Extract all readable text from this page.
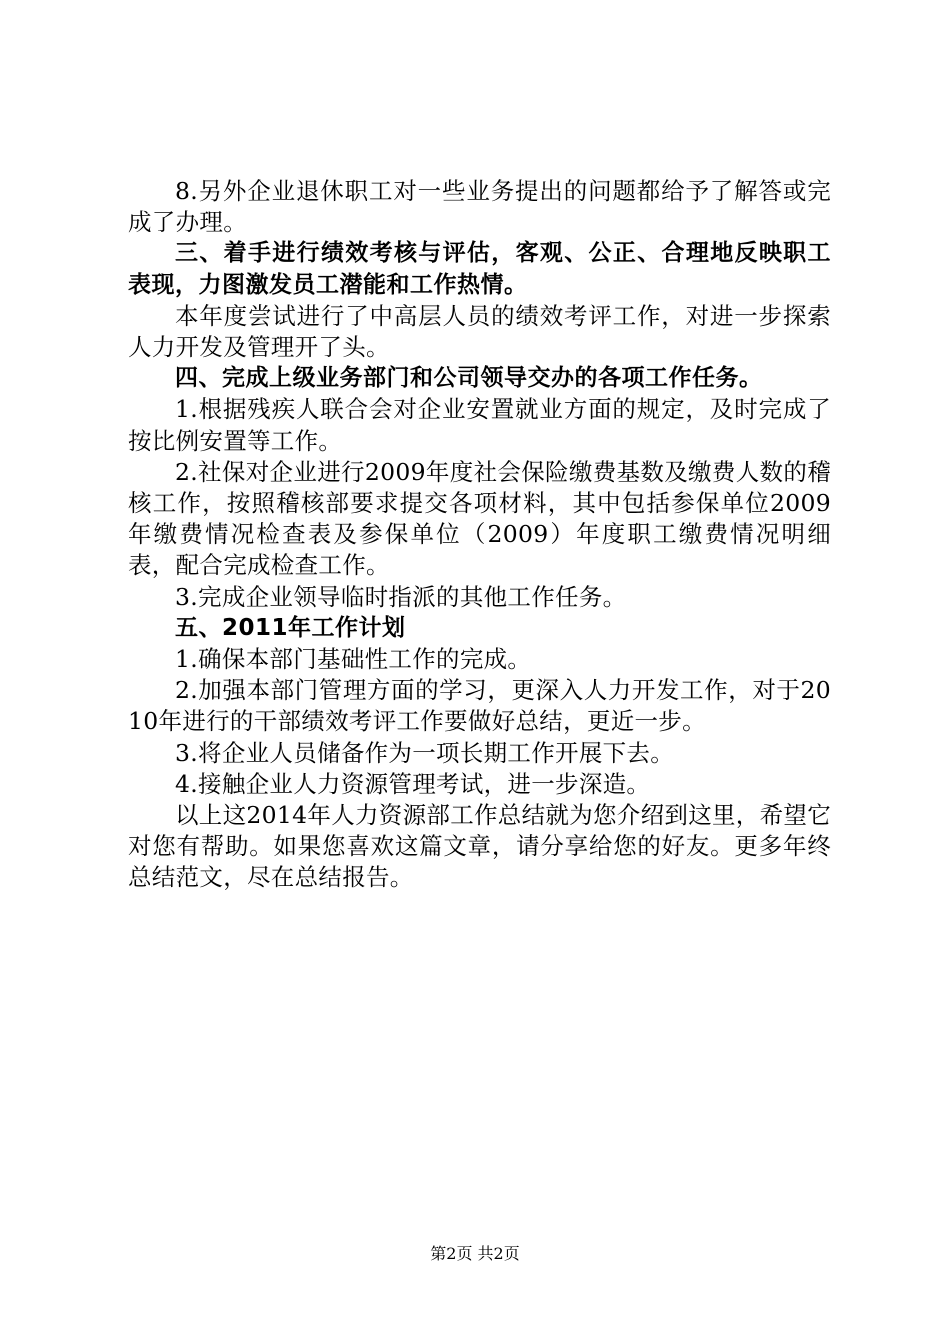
8.另外企业退休职工对一些业务提出的问题都给予了解答或完成了办理。

三、着手进行绩效考核与评估，客观、公正、合理地反映职工表现，力图激发员工潜能和工作热情。

本年度尝试进行了中高层人员的绩效考评工作，对进一步探索人力开发及管理开了头。

四、完成上级业务部门和公司领导交办的各项工作任务。

1.根据残疾人联合会对企业安置就业方面的规定，及时完成了按比例安置等工作。

2.社保对企业进行2009年度社会保险缴费基数及缴费人数的稽核工作，按照稽核部要求提交各项材料，其中包括参保单位2009年缴费情况检查表及参保单位（2009）年度职工缴费情况明细表，配合完成检查工作。

3.完成企业领导临时指派的其他工作任务。

五、2011年工作计划

1.确保本部门基础性工作的完成。

2.加强本部门管理方面的学习，更深入人力开发工作，对于2010年进行的干部绩效考评工作要做好总结，更近一步。

3.将企业人员储备作为一项长期工作开展下去。

4.接触企业人力资源管理考试，进一步深造。

以上这2014年人力资源部工作总结就为您介绍到这里，希望它对您有帮助。如果您喜欢这篇文章，请分享给您的好友。更多年终总结范文，尽在总结报告。

第2页 共2页
